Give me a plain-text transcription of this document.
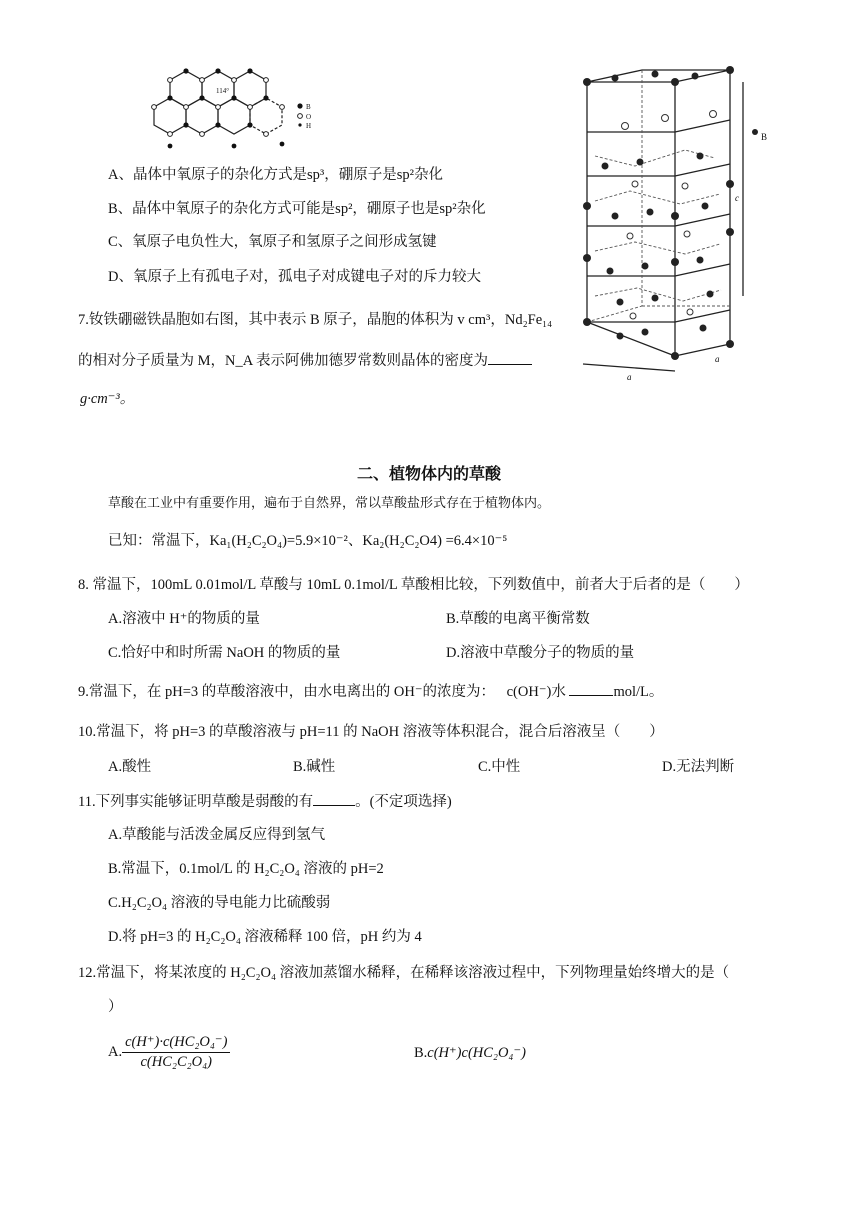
114°
B
O
H
A、晶体中氧原子的杂化方式是sp³，硼原子是sp²杂化
B、晶体中氧原子的杂化方式可能是sp²，硼原子也是sp²杂化
C、氧原子电负性大，氧原子和氢原子之间形成氢键
D、氧原子上有孤电子对，孤电子对成键电子对的斥力较大
7.钕铁硼磁铁晶胞如右图，其中表示 B 原子，晶胞的体积为 v cm³，Nd₂Fe₁₄
的相对分子质量为 M，N_A 表示阿佛加德罗常数则晶体的密度为
g·cm⁻³。
B
c
a
a
二、植物体内的草酸
草酸在工业中有重要作用，遍布于自然界，常以草酸盐形式存在于植物体内。
已知：常温下，Ka₁(H₂C₂O₄)=5.9×10⁻²、Ka₂(H₂C₂O4) =6.4×10⁻⁵
8. 常温下，100mL 0.01mol/L 草酸与 10mL 0.1mol/L 草酸相比较，下列数值中，前者大于后者的是（　　）
A.溶液中 H⁺的物质的量	B.草酸的电离平衡常数
C.恰好中和时所需 NaOH 的物质的量	D.溶液中草酸分子的物质的量
9.常温下，在 pH=3 的草酸溶液中，由水电离出的 OH⁻的浓度为： c(OH⁻)水	mol/L。
10.常温下，将 pH=3 的草酸溶液与 pH=11 的 NaOH 溶液等体积混合，混合后溶液呈（　　）
A.酸性	B.碱性	C.中性	D.无法判断
11.下列事实能够证明草酸是弱酸的有	。(不定项选择)
A.草酸能与活泼金属反应得到氢气
B.常温下，0.1mol/L 的 H₂C₂O₄ 溶液的 pH=2
C.H₂C₂O₄ 溶液的导电能力比硫酸弱
D.将 pH=3 的 H₂C₂O₄ 溶液稀释 100 倍，pH 约为 4
12.常温下，将某浓度的 H₂C₂O₄ 溶液加蒸馏水稀释，在稀释该溶液过程中，下列物理量始终增大的是（
）
A. $\frac{\text{c(H⁺)·c(HC₂O₄⁻)}}{\text{c(HC₂C₂O₄)}}$	B.c(H⁺)c(HC₂O₄⁻)
